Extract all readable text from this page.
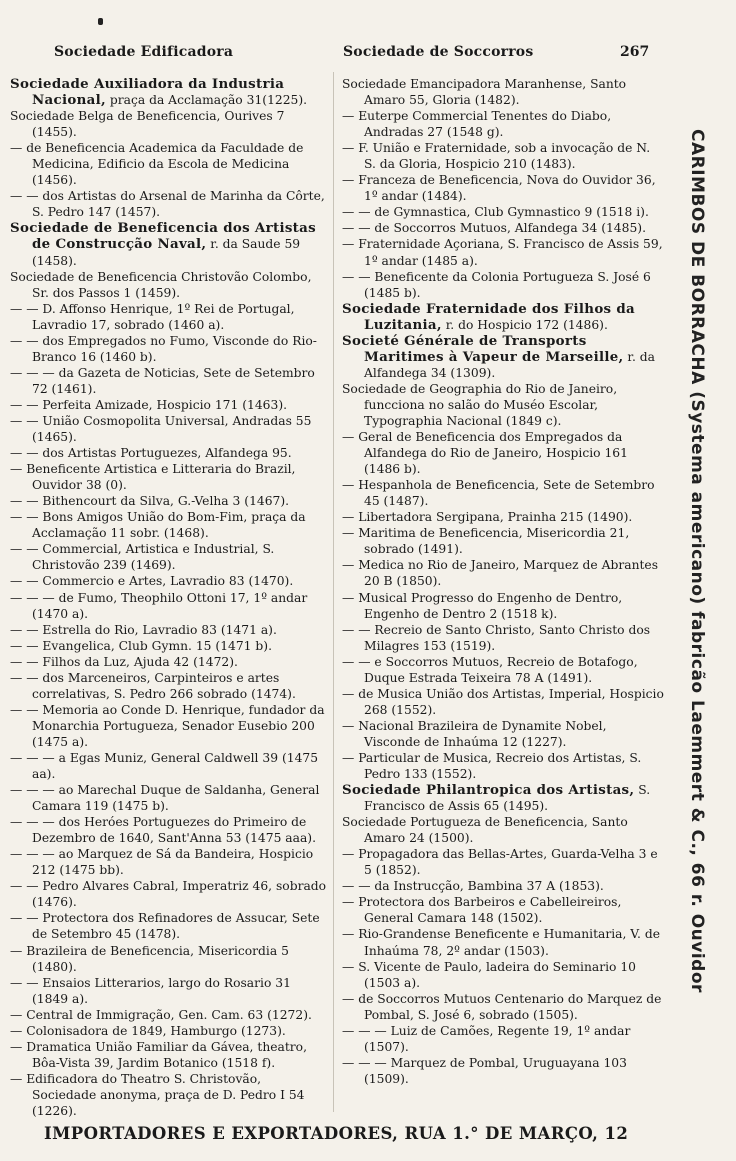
Sociedade Edificadora	Sociedade de Soccorros	267

Sociedade Auxiliadora da Industria Nacional, praça da Acclamação 31(1225).

Sociedade Belga de Beneficencia, Ourives 7 (1455).

— de Beneficencia Academica da Faculdade de Medicina, Edificio da Escola de Medicina (1456).

— — dos Artistas do Arsenal de Marinha da Côrte, S. Pedro 147 (1457).

Sociedade de Beneficencia dos Artistas de Construcção Naval, r. da Saude 59 (1458).

Sociedade de Beneficencia Christovão Colombo, Sr. dos Passos 1 (1459).

— — D. Affonso Henrique, 1º Rei de Portugal, Lavradio 17, sobrado (1460 a).

— — dos Empregados no Fumo, Visconde do Rio-Branco 16 (1460 b).

— — — da Gazeta de Noticias, Sete de Setembro 72 (1461).

— — Perfeita Amizade, Hospicio 171 (1463).

— — União Cosmopolita Universal, Andradas 55 (1465).

— — dos Artistas Portuguezes, Alfandega 95.

— Beneficente Artistica e Litteraria do Brazil, Ouvidor 38 (0).

— — Bithencourt da Silva, G.-Velha 3 (1467).

— — Bons Amigos União do Bom-Fim, praça da Acclamação 11 sobr. (1468).

— — Commercial, Artistica e Industrial, S. Christovão 239 (1469).

— — Commercio e Artes, Lavradio 83 (1470).

— — — de Fumo, Theophilo Ottoni 17, 1º andar (1470 a).

— — Estrella do Rio, Lavradio 83 (1471 a).

— — Evangelica, Club Gymn. 15 (1471 b).

— — Filhos da Luz, Ajuda 42 (1472).

— — dos Marceneiros, Carpinteiros e artes correlativas, S. Pedro 266 sobrado (1474).

— — Memoria ao Conde D. Henrique, fundador da Monarchia Portugueza, Senador Eusebio 200 (1475 a).

— — — a Egas Muniz, General Caldwell 39 (1475 aa).

— — — ao Marechal Duque de Saldanha, General Camara 119 (1475 b).

— — — dos Heróes Portuguezes do Primeiro de Dezembro de 1640, Sant'Anna 53 (1475 aaa).

— — — ao Marquez de Sá da Bandeira, Hospicio 212 (1475 bb).

— — Pedro Alvares Cabral, Imperatriz 46, sobrado (1476).

— — Protectora dos Refinadores de Assucar, Sete de Setembro 45 (1478).

— Brazileira de Beneficencia, Misericordia 5 (1480).

— — Ensaios Litterarios, largo do Rosario 31 (1849 a).

— Central de Immigração, Gen. Cam. 63 (1272).

— Colonisadora de 1849, Hamburgo (1273).

— Dramatica União Familiar da Gávea, theatro, Bôa-Vista 39, Jardim Botanico (1518 f).

— Edificadora do Theatro S. Christovão, Sociedade anonyma, praça de D. Pedro I 54 (1226).

Sociedade Emancipadora Maranhense, Santo Amaro 55, Gloria (1482).

— Euterpe Commercial Tenentes do Diabo, Andradas 27 (1548 g).

— F. União e Fraternidade, sob a invocação de N. S. da Gloria, Hospicio 210 (1483).

— Franceza de Beneficencia, Nova do Ouvidor 36, 1º andar (1484).

— — de Gymnastica, Club Gymnastico 9 (1518 i).

— — de Soccorros Mutuos, Alfandega 34 (1485).

— Fraternidade Açoriana, S. Francisco de Assis 59, 1º andar (1485 a).

— — Beneficente da Colonia Portugueza S. José 6 (1485 b).

Sociedade Fraternidade dos Filhos da Luzitania, r. do Hospicio 172 (1486).

Societé Générale de Transports Maritimes à Vapeur de Marseille, r. da Alfandega 34 (1309).

Sociedade de Geographia do Rio de Janeiro, funcciona no salão do Muséo Escolar, Typographia Nacional (1849 c).

— Geral de Beneficencia dos Empregados da Alfandega do Rio de Janeiro, Hospicio 161 (1486 b).

— Hespanhola de Beneficencia, Sete de Setembro 45 (1487).

— Libertadora Sergipana, Prainha 215 (1490).

— Maritima de Beneficencia, Misericordia 21, sobrado (1491).

— Medica no Rio de Janeiro, Marquez de Abrantes 20 B (1850).

— Musical Progresso do Engenho de Dentro, Engenho de Dentro 2 (1518 k).

— — Recreio de Santo Christo, Santo Christo dos Milagres 153 (1519).

— — e Soccorros Mutuos, Recreio de Botafogo, Duque Estrada Teixeira 78 A (1491).

— de Musica União dos Artistas, Imperial, Hospicio 268 (1552).

— Nacional Brazileira de Dynamite Nobel, Visconde de Inhaúma 12 (1227).

— Particular de Musica, Recreio dos Artistas, S. Pedro 133 (1552).

Sociedade Philantropica dos Artistas, S. Francisco de Assis 65 (1495).

Sociedade Portugueza de Beneficencia, Santo Amaro 24 (1500).

— Propagadora das Bellas-Artes, Guarda-Velha 3 e 5 (1852).

— — da Instrucção, Bambina 37 A (1853).

— Protectora dos Barbeiros e Cabelleireiros, General Camara 148 (1502).

— Rio-Grandense Beneficente e Humanitaria, V. de Inhaúma 78, 2º andar (1503).

— S. Vicente de Paulo, ladeira do Seminario 10 (1503 a).

— de Soccorros Mutuos Centenario do Marquez de Pombal, S. José 6, sobrado (1505).

— — — Luiz de Camões, Regente 19, 1º andar (1507).

— — — Marquez de Pombal, Uruguayana 103 (1509).

CARIMBOS DE BORRACHA (Systema americano) fabricão Laemmert & C., 66 r. Ouvidor
IMPORTADORES E EXPORTADORES, RUA 1.° DE MARÇO, 12
